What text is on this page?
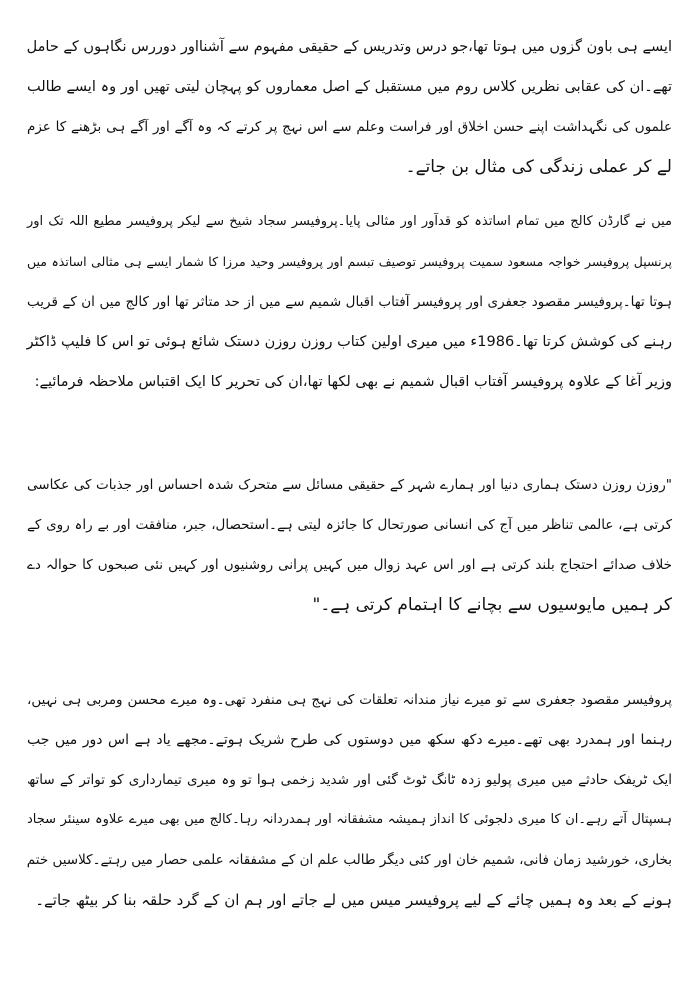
ایسے ہی باون گزوں میں ہوتا تھا،جو درس وتدریس کے حقیقی مفہوم سے آشنااور دوررس نگاہوں کے حامل
تھے۔ان کی عقابی نظریں کلاس روم میں مستقبل کے اصل معماروں کو پہچان لیتی تھیں اور وہ ایسے طالب
علموں کی نگہداشت اپنے حسن اخلاق اور فراست وعلم سے اس نہج پر کرتے کہ وہ آگے اور آگے ہی بڑھنے کا عزم
لے کر عملی زندگی کی مثال بن جاتے۔
میں نے گارڈن کالج میں تمام اساتذہ کو قدآور اور مثالی پایا۔پروفیسر سجاد شیخ سے لیکر پروفیسر مطیع اللہ تک اور
پرنسپل پروفیسر خواجہ مسعود سمیت پروفیسر توصیف تبسم اور پروفیسر وحید مرزا کا شمار ایسے ہی مثالی اساتذہ میں
ہوتا تھا۔پروفیسر مقصود جعفری اور پروفیسر آفتاب اقبال شمیم سے میں از حد متاثر تھا اور کالج میں ان کے قریب
رہنے کی کوشش کرتا تھا۔1986ء میں میری اولین کتاب روزن روزن دستک شائع ہوئی تو اس کا فلیپ ڈاکٹر
وزیر آغا کے علاوہ پروفیسر آفتاب اقبال شمیم نے بھی لکھا تھا،ان کی تحریر کا ایک اقتباس ملاحظہ فرمائیے:
"روزن روزن دستک ہماری دنیا اور ہمارے شہر کے حقیقی مسائل سے متحرک شدہ احساس اور جذبات کی عکاسی
کرتی ہے، عالمی تناظر میں آج کی انسانی صورتحال کا جائزہ لیتی ہے۔استحصال، جبر، منافقت اور بے راہ روی کے
خلاف صدائے احتجاج بلند کرتی ہے اور اس عہد زوال میں کہیں پرانی روشنیوں اور کہیں نئی صبحوں کا حوالہ دے
کر ہمیں مایوسیوں سے بچانے کا اہتمام کرتی ہے۔"
پروفیسر مقصود جعفری سے تو میرے نیاز مندانہ تعلقات کی نہج ہی منفرد تھی۔وہ میرے محسن ومربی ہی نہیں،
رہنما اور ہمدرد بھی تھے۔میرے دکھ سکھ میں دوستوں کی طرح شریک ہوتے۔مجھے یاد ہے اس دور میں جب
ایک ٹریفک حادثے میں میری پولیو زدہ ٹانگ ٹوٹ گئی اور شدید زخمی ہوا تو وہ میری تیمارداری کو تواتر کے ساتھ
ہسپتال آتے رہے۔ان کا میری دلجوئی کا انداز ہمیشہ مشفقانہ اور ہمدردانہ رہا۔کالج میں بھی میرے علاوہ سینئر سجاد
بخاری، خورشید زمان فانی، شمیم خان اور کئی دیگر طالب علم ان کے مشفقانہ علمی حصار میں رہتے۔کلاسیں ختم
ہونے کے بعد وہ ہمیں چائے کے لیے پروفیسر میس میں لے جاتے اور ہم ان کے گرد حلقہ بنا کر بیٹھ جاتے۔
